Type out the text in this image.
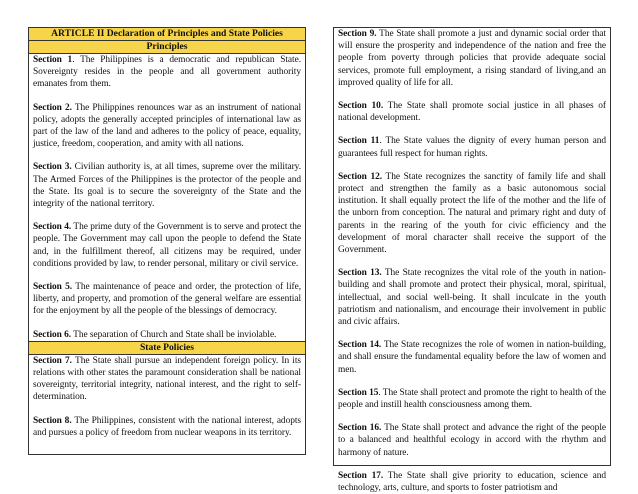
ARTICLE II Declaration of Principles and State Policies
Principles

Section 1. The Philippines is a democratic and republican State. Sovereignty resides in the people and all government authority emanates from them.

Section 2. The Philippines renounces war as an instrument of national policy, adopts the generally accepted principles of international law as part of the law of the land and adheres to the policy of peace, equality, justice, freedom, cooperation, and amity with all nations.

Section 3. Civilian authority is, at all times, supreme over the military. The Armed Forces of the Philippines is the protector of the people and the State. Its goal is to secure the sovereignty of the State and the integrity of the national territory.

Section 4. The prime duty of the Government is to serve and protect the people. The Government may call upon the people to defend the State and, in the fulfillment thereof, all citizens may be required, under conditions provided by law, to render personal, military or civil service.

Section 5. The maintenance of peace and order, the protection of life, liberty, and property, and promotion of the general welfare are essential for the enjoyment by all the people of the blessings of democracy.

Section 6. The separation of Church and State shall be inviolable.

State Policies

Section 7. The State shall pursue an independent foreign policy. In its relations with other states the paramount consideration shall be national sovereignty, territorial integrity, national interest, and the right to self- determination.

Section 8. The Philippines, consistent with the national interest, adopts and pursues a policy of freedom from nuclear weapons in its territory.

Section 9. The State shall promote a just and dynamic social order that will ensure the prosperity and independence of the nation and free the people from poverty through policies that provide adequate social services, promote full employment, a rising standard of living,and an improved quality of life for all.

Section 10. The State shall promote social justice in all phases of national development.

Section 11. The State values the dignity of every human person and guarantees full respect for human rights.

Section 12. The State recognizes the sanctity of family life and shall protect and strengthen the family as a basic autonomous social institution. It shall equally protect the life of the mother and the life of the unborn from conception. The natural and primary right and duty of parents in the rearing of the youth for civic efficiency and the development of moral character shall receive the support of the Government.

Section 13. The State recognizes the vital role of the youth in nation-building and shall promote and protect their physical, moral, spiritual, intellectual, and social well-being. It shall inculcate in the youth patriotism and nationalism, and encourage their involvement in public and civic affairs.

Section 14. The State recognizes the role of women in nation-building, and shall ensure the fundamental equality before the law of women and men.

Section 15. The State shall protect and promote the right to health of the people and instill health consciousness among them.

Section 16. The State shall protect and advance the right of the people to a balanced and healthful ecology in accord with the rhythm and harmony of nature.

Section 17. The State shall give priority to education, science and technology, arts, culture, and sports to foster patriotism and
